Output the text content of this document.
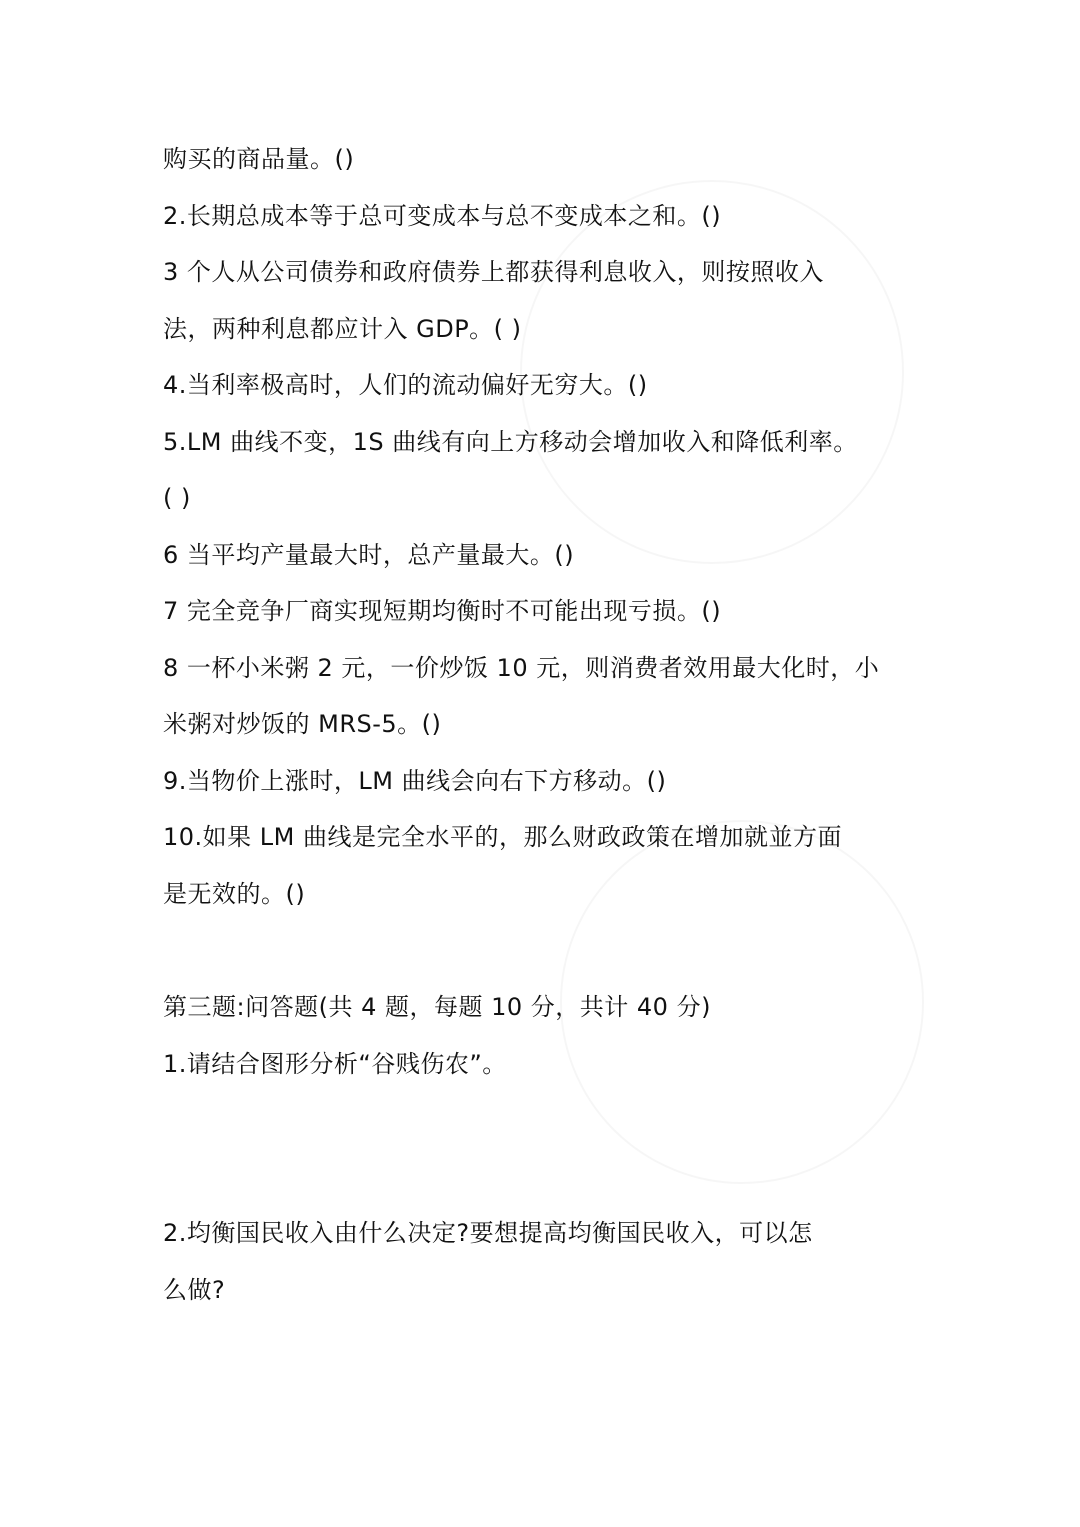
购买的商品量。()
2.长期总成本等于总可变成本与总不变成本之和。()
3 个人从公司债券和政府债券上都获得利息收入，则按照收入
法，两种利息都应计入 GDP。( )
4.当利率极高时，人们的流动偏好无穷大。()
5.LM 曲线不变，1S 曲线有向上方移动会增加收入和降低利率。
( )
6 当平均产量最大时，总产量最大。()
7 完全竞争厂商实现短期均衡时不可能出现亏损。()
8 一杯小米粥 2 元，一价炒饭 10 元，则消费者效用最大化时，小
米粥对炒饭的 MRS-5。()
9.当物价上涨时，LM 曲线会向右下方移动。()
10.如果 LM 曲线是完全水平的，那么财政政策在增加就並方面
是无效的。()
第三题:问答题(共 4 题，每题 10 分，共计 40 分)
1.请结合图形分析“谷贱伤农”。
2.均衡国民收入由什么决定?要想提高均衡国民收入，可以怎
么做?
